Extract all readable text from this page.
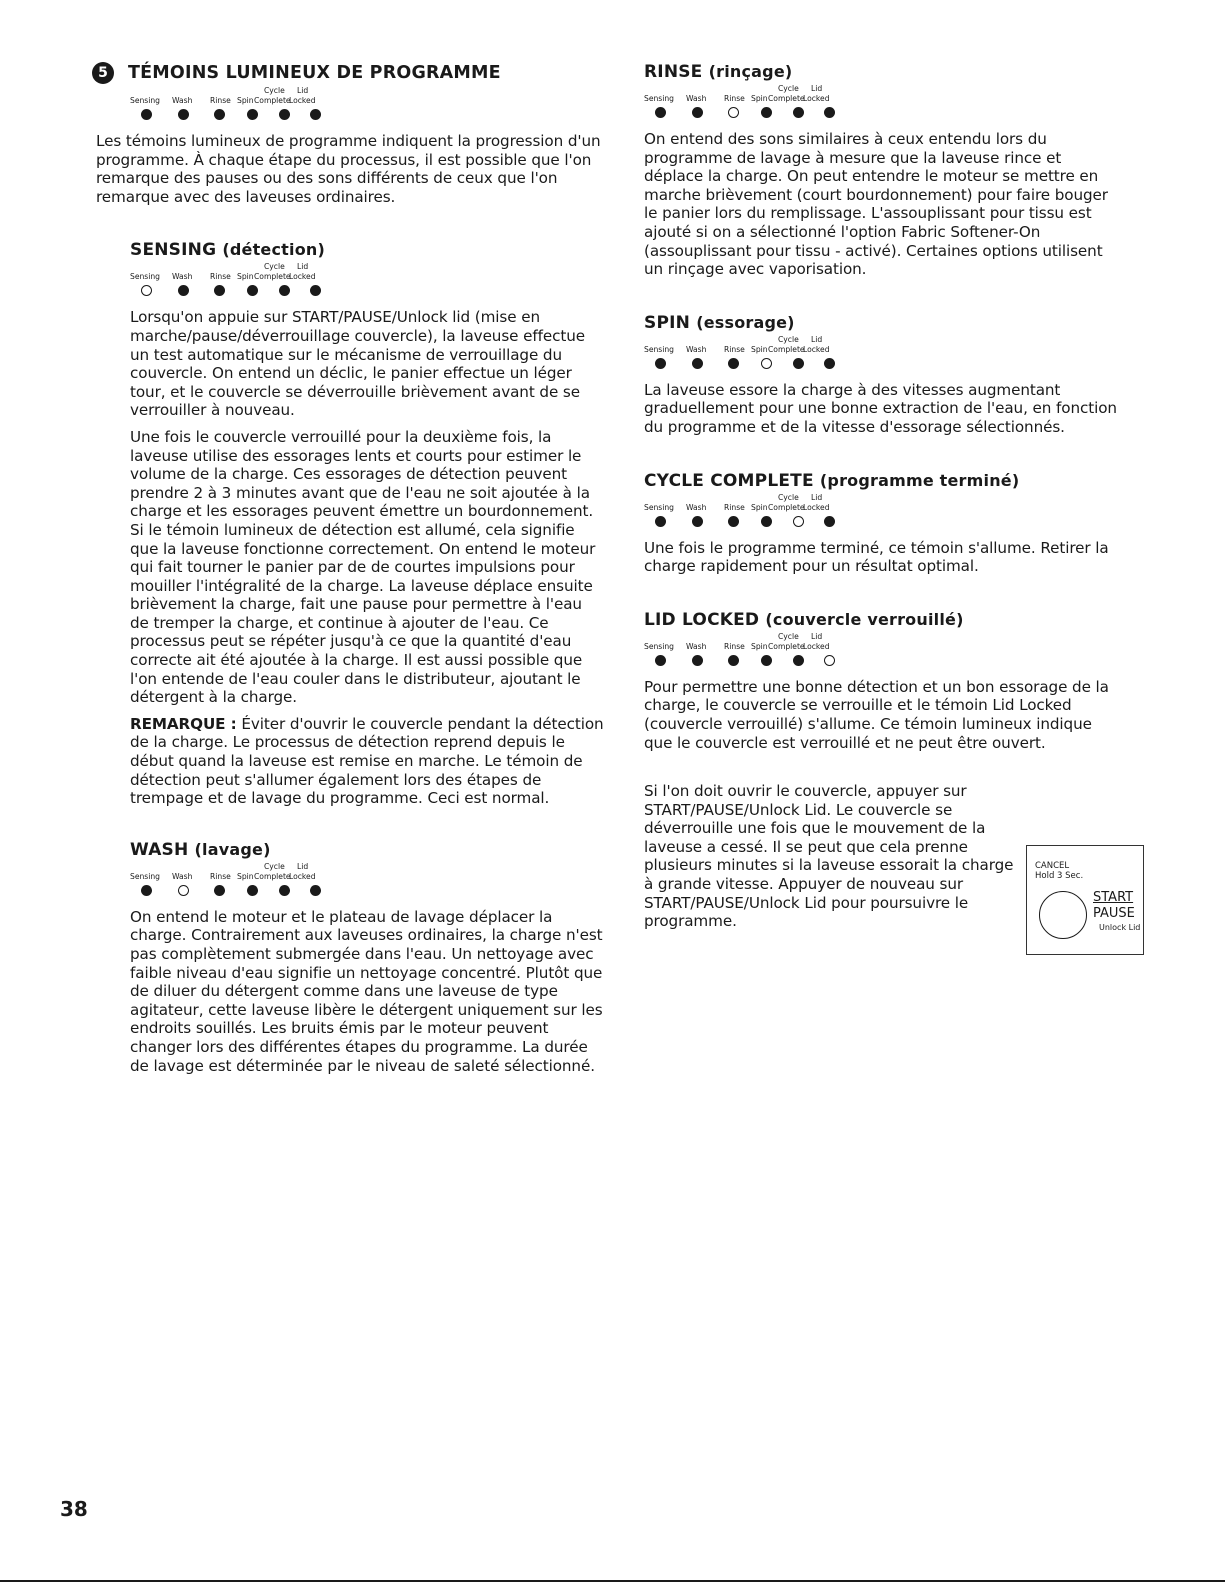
5	TÉMOINS LUMINEUX DE PROGRAMME
Sensing Wash Rinse Spin
Cycle
Complete
Lid
Locked

Les témoins lumineux de programme indiquent la progression d'un programme. À chaque étape du processus, il est possible que l'on remarque des pauses ou des sons différents de ceux que l'on remarque avec des laveuses ordinaires.

SENSING (détection)
Sensing Wash Rinse Spin
Cycle
Complete
Lid
Locked

Lorsqu'on appuie sur START/PAUSE/Unlock lid (mise en marche/pause/déverrouillage couvercle), la laveuse effectue un test automatique sur le mécanisme de verrouillage du couvercle. On entend un déclic, le panier effectue un léger tour, et le couvercle se déverrouille brièvement avant de se verrouiller à nouveau.

Une fois le couvercle verrouillé pour la deuxième fois, la laveuse utilise des essorages lents et courts pour estimer le volume de la charge. Ces essorages de détection peuvent prendre 2 à 3 minutes avant que de l'eau ne soit ajoutée à la charge et les essorages peuvent émettre un bourdonnement. Si le témoin lumineux de détection est allumé, cela signifie que la laveuse fonctionne correctement. On entend le moteur qui fait tourner le panier par de de courtes impulsions pour mouiller l'intégralité de la charge. La laveuse déplace ensuite brièvement la charge, fait une pause pour permettre à l'eau de tremper la charge, et continue à ajouter de l'eau. Ce processus peut se répéter jusqu'à ce que la quantité d'eau correcte ait été ajoutée à la charge. Il est aussi possible que l'on entende de l'eau couler dans le distributeur, ajoutant le détergent à la charge.

REMARQUE : Éviter d'ouvrir le couvercle pendant la détection de la charge. Le processus de détection reprend depuis le début quand la laveuse est remise en marche. Le témoin de détection peut s'allumer également lors des étapes de trempage et de lavage du programme. Ceci est normal.

WASH (lavage)
Sensing Wash Rinse Spin
Cycle
Complete
Lid
Locked

On entend le moteur et le plateau de lavage déplacer la charge. Contrairement aux laveuses ordinaires, la charge n'est pas complètement submergée dans l'eau. Un nettoyage avec faible niveau d'eau signifie un nettoyage concentré. Plutôt que de diluer du détergent comme dans une laveuse de type agitateur, cette laveuse libère le détergent uniquement sur les endroits souillés. Les bruits émis par le moteur peuvent changer lors des différentes étapes du programme. La durée de lavage est déterminée par le niveau de saleté sélectionné.

RINSE (rinçage)
Sensing Wash Rinse Spin
Cycle
Complete
Lid
Locked

On entend des sons similaires à ceux entendu lors du programme de lavage à mesure que la laveuse rince et déplace la charge. On peut entendre le moteur se mettre en marche brièvement (court bourdonnement) pour faire bouger le panier lors du remplissage. L'assouplissant pour tissu est ajouté si on a sélectionné l'option Fabric Softener-On (assouplissant pour tissu - activé). Certaines options utilisent un rinçage avec vaporisation.

SPIN (essorage)
Sensing Wash Rinse Spin
Cycle
Complete
Lid
Locked

La laveuse essore la charge à des vitesses augmentant graduellement pour une bonne extraction de l'eau, en fonction du programme et de la vitesse d'essorage sélectionnés.

CYCLE COMPLETE (programme terminé)
Sensing Wash Rinse Spin
Cycle
Complete
Lid
Locked

Une fois le programme terminé, ce témoin s'allume. Retirer la charge rapidement pour un résultat optimal.

LID LOCKED (couvercle verrouillé)
Sensing Wash Rinse Spin
Cycle
Complete
Lid
Locked

Pour permettre une bonne détection et un bon essorage de la charge, le couvercle se verrouille et le témoin Lid Locked (couvercle verrouillé) s'allume. Ce témoin lumineux indique que le couvercle est verrouillé et ne peut être ouvert.

Si l'on doit ouvrir le couvercle, appuyer sur START/PAUSE/Unlock Lid. Le couvercle se déverrouille une fois que le mouvement de la laveuse a cessé. Il se peut que cela prenne plusieurs minutes si la laveuse essorait la charge à grande vitesse. Appuyer de nouveau sur START/PAUSE/Unlock Lid pour poursuivre le programme.

CANCEL
Hold 3 Sec.
START
PAUSE
Unlock Lid
38
